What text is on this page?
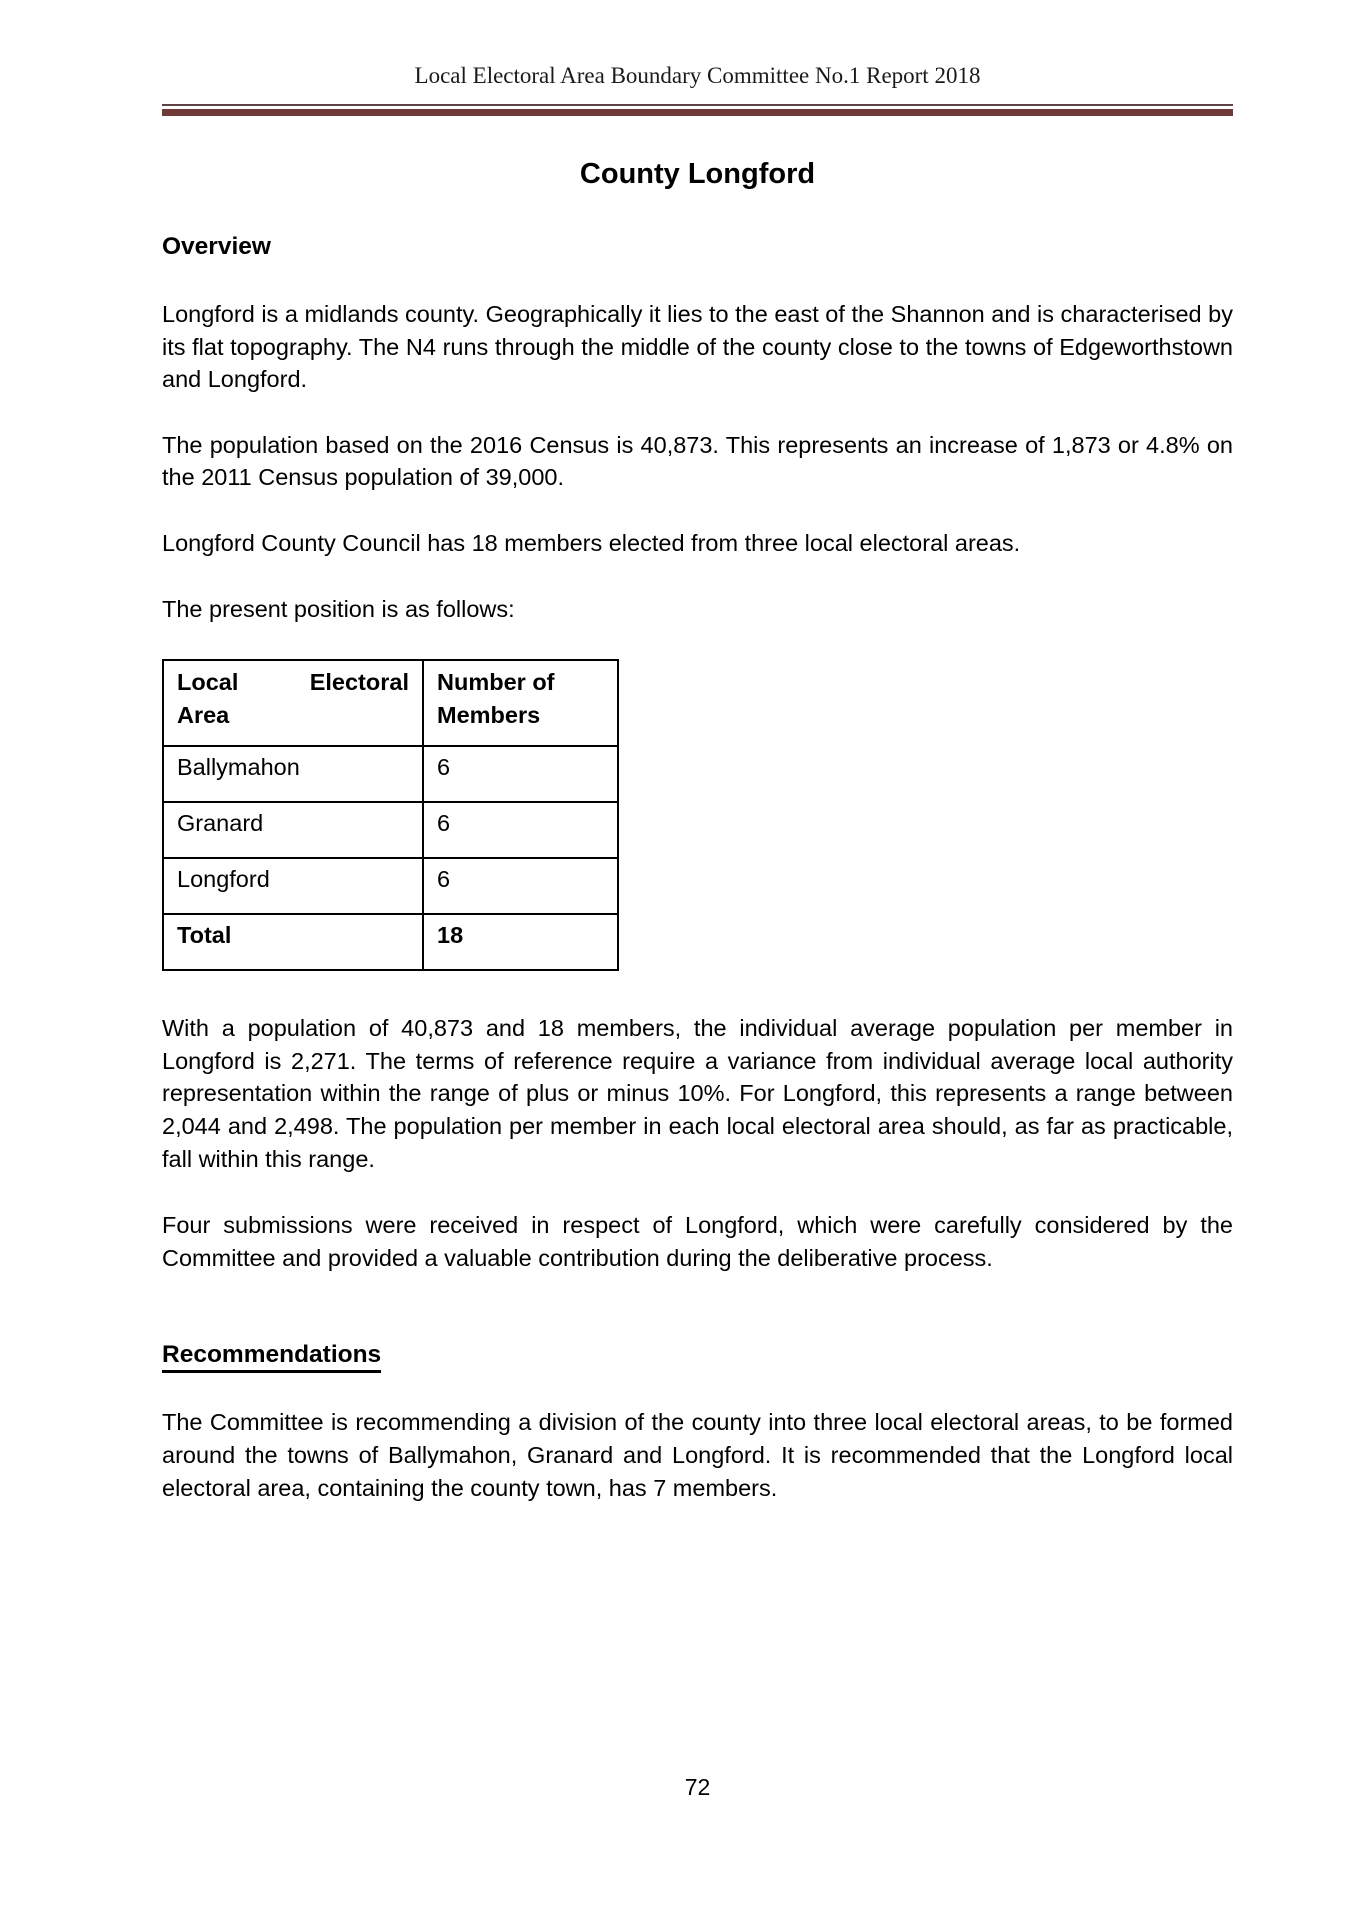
Local Electoral Area Boundary Committee No.1 Report 2018
County Longford
Overview

Longford is a midlands county. Geographically it lies to the east of the Shannon and is characterised by its flat topography. The N4 runs through the middle of the county close to the towns of Edgeworthstown and Longford.

The population based on the 2016 Census is 40,873. This represents an increase of 1,873 or 4.8% on the 2011 Census population of 39,000.

Longford County Council has 18 members elected from three local electoral areas.

The present position is as follows:

Local Electoral
Area	Number of Members
Ballymahon	6
Granard	6
Longford	6
Total	18

With a population of 40,873 and 18 members, the individual average population per member in Longford is 2,271. The terms of reference require a variance from individual average local authority representation within the range of plus or minus 10%. For Longford, this represents a range between 2,044 and 2,498. The population per member in each local electoral area should, as far as practicable, fall within this range.

Four submissions were received in respect of Longford, which were carefully considered by the Committee and provided a valuable contribution during the deliberative process.

Recommendations

The Committee is recommending a division of the county into three local electoral areas, to be formed around the towns of Ballymahon, Granard and Longford. It is recommended that the Longford local electoral area, containing the county town, has 7 members.

72
